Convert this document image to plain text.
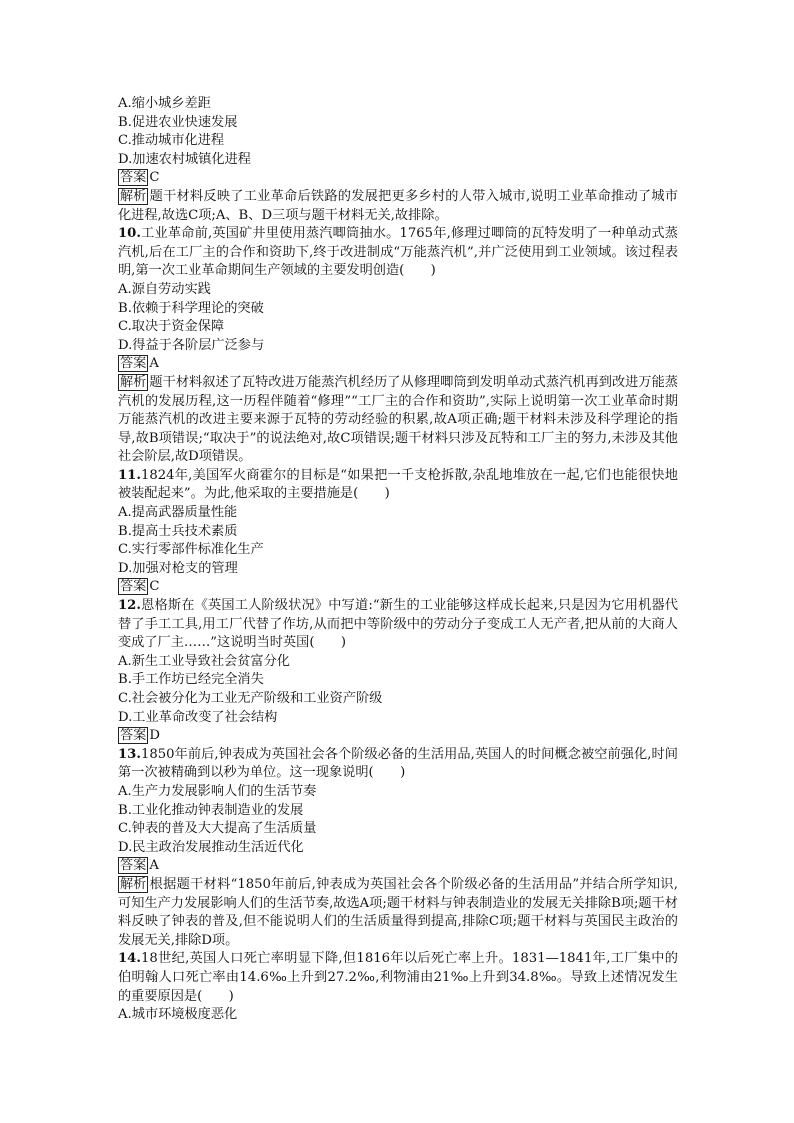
A.缩小城乡差距
B.促进农业快速发展
C.推动城市化进程
D.加速农村城镇化进程
答案 C
解析 题干材料反映了工业革命后铁路的发展把更多乡村的人带入城市,说明工业革命推动了城市化进程,故选C项;A、B、D三项与题干材料无关,故排除。
10.工业革命前,英国矿井里使用蒸汽唧筒抽水。1765年,修理过唧筒的瓦特发明了一种单动式蒸汽机,后在工厂主的合作和资助下,终于改进制成“万能蒸汽机”,并广泛使用到工业领域。该过程表明,第一次工业革命期间生产领域的主要发明创造(　　)
A.源自劳动实践
B.依赖于科学理论的突破
C.取决于资金保障
D.得益于各阶层广泛参与
答案 A
解析 题干材料叙述了瓦特改进万能蒸汽机经历了从修理唧筒到发明单动式蒸汽机再到改进万能蒸汽机的发展历程,这一历程伴随着“修理”“工厂主的合作和资助”,实际上说明第一次工业革命时期万能蒸汽机的改进主要来源于瓦特的劳动经验的积累,故A项正确;题干材料未涉及科学理论的指导,故B项错误;“取决于”的说法绝对,故C项错误;题干材料只涉及瓦特和工厂主的努力,未涉及其他社会阶层,故D项错误。
11.1824年,美国军火商霍尔的目标是“如果把一千支枪拆散,杂乱地堆放在一起,它们也能很快地被装配起来”。为此,他采取的主要措施是(　　)
A.提高武器质量性能
B.提高士兵技术素质
C.实行零部件标准化生产
D.加强对枪支的管理
答案 C
12.恩格斯在《英国工人阶级状况》中写道:“新生的工业能够这样成长起来,只是因为它用机器代替了手工工具,用工厂代替了作坊,从而把中等阶级中的劳动分子变成工人无产者,把从前的大商人变成了厂主……”这说明当时英国(　　)
A.新生工业导致社会贫富分化
B.手工作坊已经完全消失
C.社会被分化为工业无产阶级和工业资产阶级
D.工业革命改变了社会结构
答案 D
13.1850年前后,钟表成为英国社会各个阶级必备的生活用品,英国人的时间概念被空前强化,时间第一次被精确到以秒为单位。这一现象说明(　　)
A.生产力发展影响人们的生活节奏
B.工业化推动钟表制造业的发展
C.钟表的普及大大提高了生活质量
D.民主政治发展推动生活近代化
答案 A
解析 根据题干材料“1850年前后,钟表成为英国社会各个阶级必备的生活用品”并结合所学知识,可知生产力发展影响人们的生活节奏,故选A项;题干材料与钟表制造业的发展无关排除B项;题干材料反映了钟表的普及,但不能说明人们的生活质量得到提高,排除C项;题干材料与英国民主政治的发展无关,排除D项。
14.18世纪,英国人口死亡率明显下降,但1816年以后死亡率上升。1831—1841年,工厂集中的伯明翰人口死亡率由14.6‰上升到27.2‰,利物浦由21‰上升到34.8‰。导致上述情况发生的重要原因是(　　)
A.城市环境极度恶化
